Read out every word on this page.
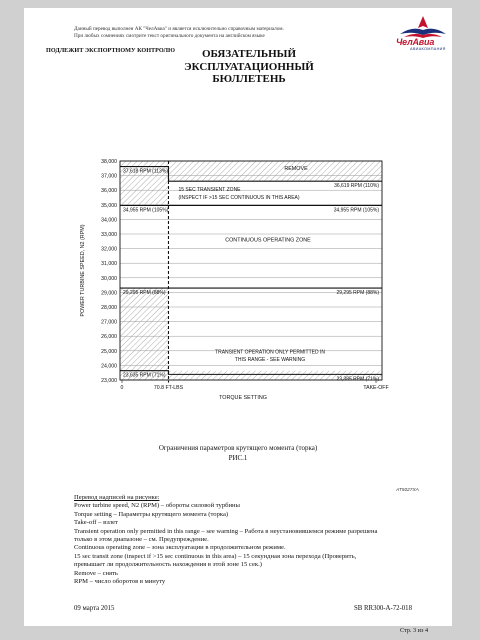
Данный перевод выполнен АК "ЧелАвиа" и является исключительно справочным материалом.
При любых сомнениях смотрите текст оригинального документа на английском языке
ЧелАвиа
АВИАКОМПАНИЯ
ПОДЛЕЖИТ ЭКСПОРТНОМУ КОНТРОЛЮ	ОБЯЗАТЕЛЬНЫЙ
ЭКСПЛУАТАЦИОННЫЙ
БЮЛЛЕТЕНЬ
23,000
24,000
25,000
26,000
27,000
28,000
29,000
30,000
31,000
32,000
33,000
34,000
35,000
36,000
37,000
38,000
POWER TURBINE SPEED, N2 (RPM)
0	70.8 FT-LBS	TAKE-OFF
TORQUE SETTING
37,618 RPM (113%)
36,619 RPM (110%)
34,955 RPM (105%)	34,955 RPM (105%)
29,295 RPM (88%)	29,295 RPM (88%)
23,635 RPM (71%)
23,385 RPM (71%)
REMOVE
15 SEC TRANSIENT ZONE
(INSPECT IF >15 SEC CONTINUOUS IN THIS AREA)
CONTINUOUS OPERATING ZONE
TRANSIENT OPERATION ONLY PERMITTED IN
THIS RANGE - SEE WARNING
Ограничения параметров крутящего момента (торка)
РИС.1
AT5027XA
Перевод надписей на рисунке:
Power turbine speed, N2 (RPM) – обороты силовой турбины
Torque setting – Параметры крутящего момента (торка)
Take-off – взлет
Transient operation only permitted in this range – see warning – Работа в неустановившемся режиме разрешена
только в этом диапазоне – см. Предупреждение.
Continuous operating zone – зона эксплуатации в продолжительном режиме.
15 sec transit zone (inspect if >15 sec continuous in this area) – 15 секундная зона перехода (Проверить,
превышает ли продолжительность нахождения в этой зоне 15 сек.)
Remove – снять
RPM – число оборотов в минуту
09 марта 2015	SB RR300-A-72-018
Стр. 3 из 4
